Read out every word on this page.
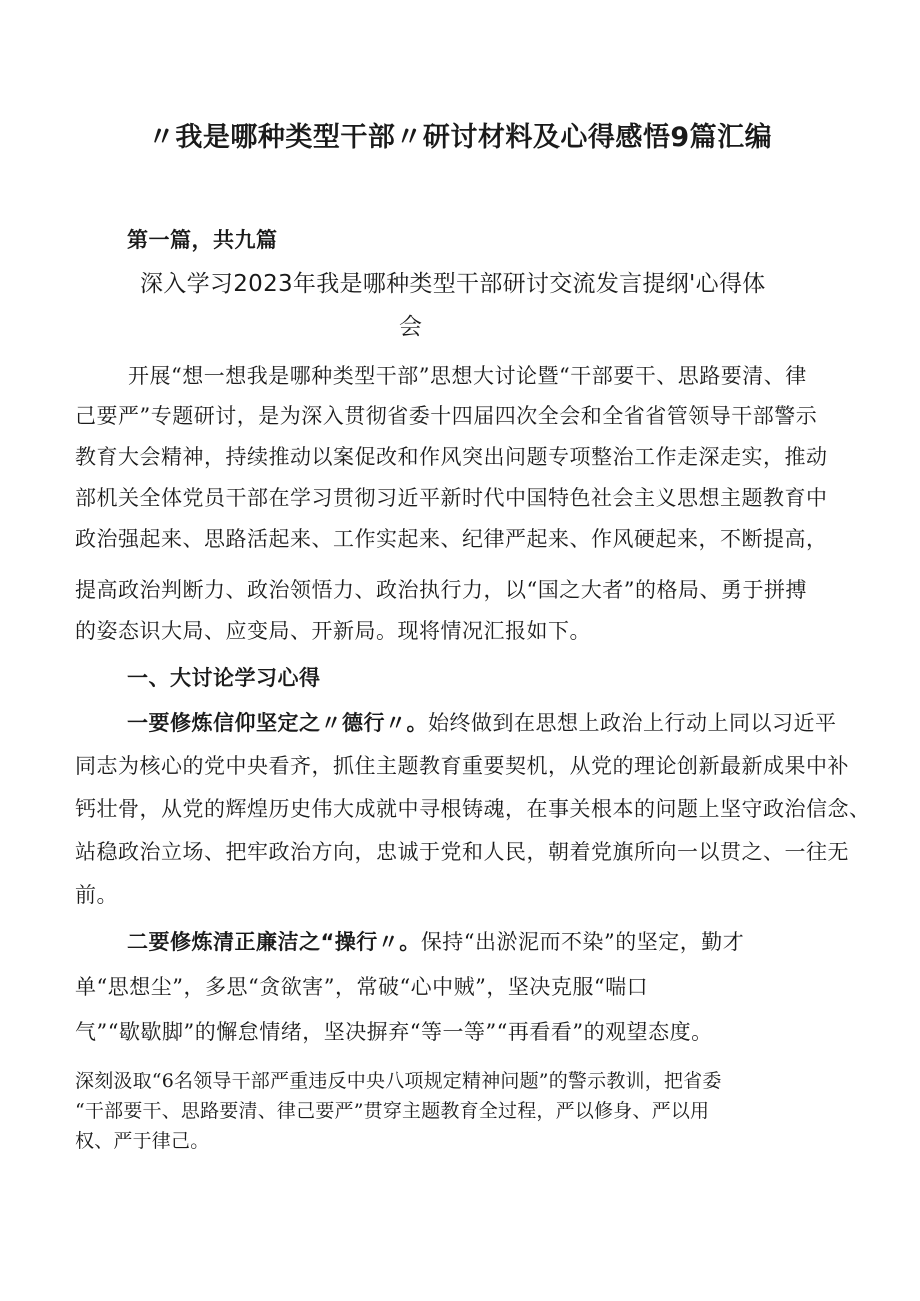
〃我是哪种类型干部〃研讨材料及心得感悟9篇汇编
第一篇，共九篇
深入学习2023年我是哪种类型干部研讨交流发言提纲'心得体
会
开展“想一想我是哪种类型干部”思想大讨论暨“干部要干、思路要清、律
己要严”专题研讨，是为深入贯彻省委十四届四次全会和全省省管领导干部警示
教育大会精神，持续推动以案促改和作风突出问题专项整治工作走深走实，推动
部机关全体党员干部在学习贯彻习近平新时代中国特色社会主义思想主题教育中
政治强起来、思路活起来、工作实起来、纪律严起来、作风硬起来，不断提高，
提高政治判断力、政治领悟力、政治执行力，以“国之大者”的格局、勇于拼搏
的姿态识大局、应变局、开新局。现将情况汇报如下。
一、大讨论学习心得
一要修炼信仰坚定之〃德行〃。始终做到在思想上政治上行动上同以习近平
同志为核心的党中央看齐，抓住主题教育重要契机，从党的理论创新最新成果中补
钙壮骨，从党的辉煌历史伟大成就中寻根铸魂，在事关根本的问题上坚守政治信念、
站稳政治立场、把牢政治方向，忠诚于党和人民，朝着党旗所向一以贯之、一往无
前。
二要修炼清正廉洁之“操行〃。保持“出淤泥而不染”的坚定，勤才
单“思想尘”，多思“贪欲害”，常破“心中贼”，坚决克服“喘口
气”“歇歇脚”的懈怠情绪，坚决摒弃“等一等”“再看看”的观望态度。
深刻汲取“6名领导干部严重违反中央八项规定精神问题”的警示教训，把省委
“干部要干、思路要清、律己要严”贯穿主题教育全过程，严以修身、严以用
权、严于律己。
